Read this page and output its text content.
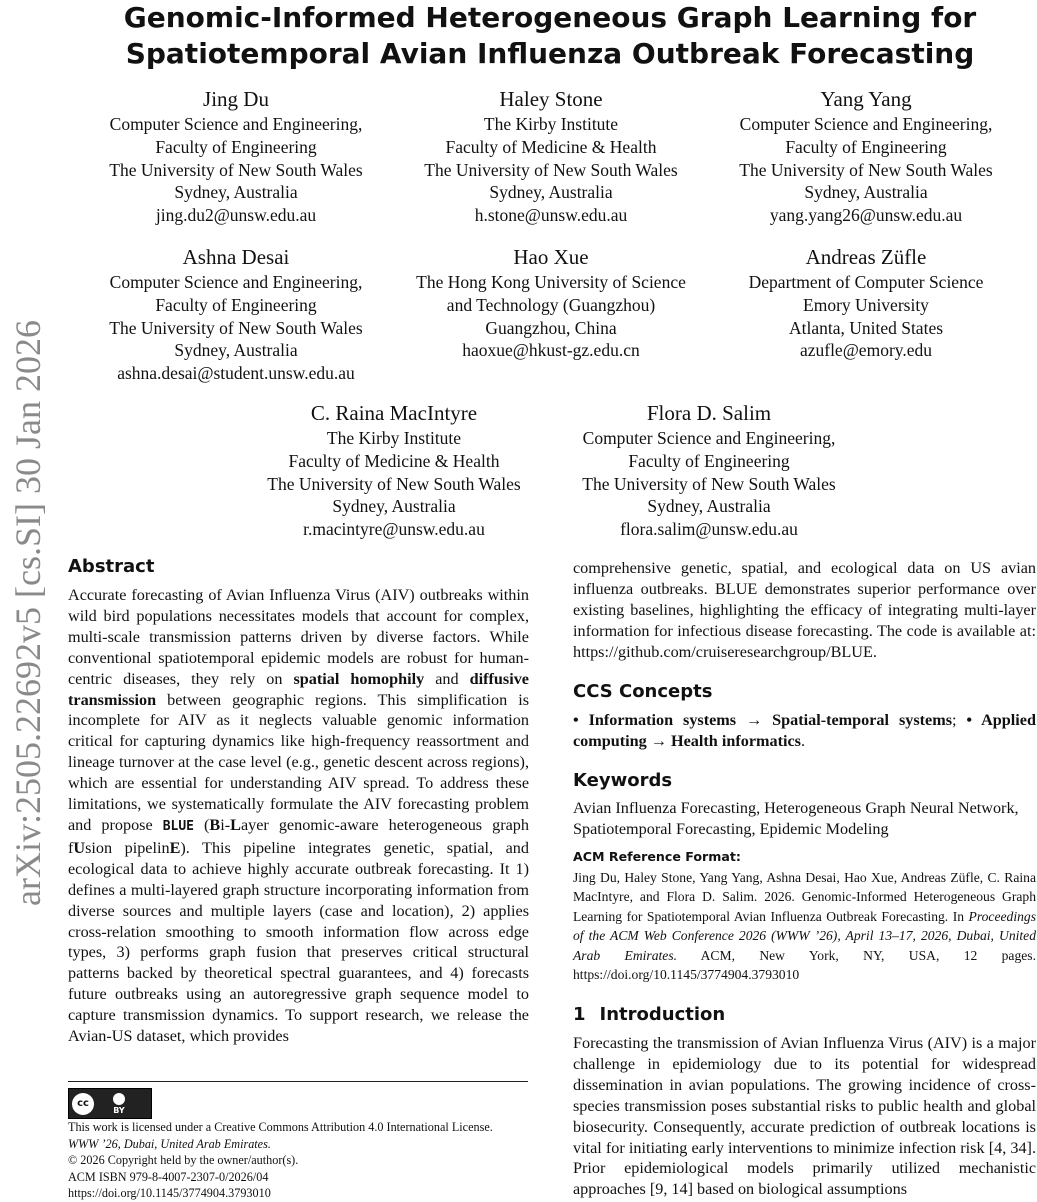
arXiv:2505.22692v5 [cs.SI] 30 Jan 2026
Genomic-Informed Heterogeneous Graph Learning for
Spatiotemporal Avian Influenza Outbreak Forecasting
Jing Du
Computer Science and Engineering,
Faculty of Engineering
The University of New South Wales
Sydney, Australia
jing.du2@unsw.edu.au
Haley Stone
The Kirby Institute
Faculty of Medicine & Health
The University of New South Wales
Sydney, Australia
h.stone@unsw.edu.au
Yang Yang
Computer Science and Engineering,
Faculty of Engineering
The University of New South Wales
Sydney, Australia
yang.yang26@unsw.edu.au
Ashna Desai
Computer Science and Engineering,
Faculty of Engineering
The University of New South Wales
Sydney, Australia
ashna.desai@student.unsw.edu.au
Hao Xue
The Hong Kong University of Science
and Technology (Guangzhou)
Guangzhou, China
haoxue@hkust-gz.edu.cn
Andreas Züfle
Department of Computer Science
Emory University
Atlanta, United States
azufle@emory.edu
C. Raina MacIntyre
The Kirby Institute
Faculty of Medicine & Health
The University of New South Wales
Sydney, Australia
r.macintyre@unsw.edu.au
Flora D. Salim
Computer Science and Engineering,
Faculty of Engineering
The University of New South Wales
Sydney, Australia
flora.salim@unsw.edu.au
Abstract
Accurate forecasting of Avian Influenza Virus (AIV) outbreaks within wild bird populations necessitates models that account for complex, multi-scale transmission patterns driven by diverse factors. While conventional spatiotemporal epidemic models are robust for human-centric diseases, they rely on spatial homophily and diffusive transmission between geographic regions. This simplification is incomplete for AIV as it neglects valuable genomic information critical for capturing dynamics like high-frequency reassortment and lineage turnover at the case level (e.g., genetic descent across regions), which are essential for understanding AIV spread. To address these limitations, we systematically formulate the AIV forecasting problem and propose BLUE (Bi-Layer genomic-aware heterogeneous graph fUsion pipelinE). This pipeline integrates genetic, spatial, and ecological data to achieve highly accurate outbreak forecasting. It 1) defines a multi-layered graph structure incorporating information from diverse sources and multiple layers (case and location), 2) applies cross-relation smoothing to smooth information flow across edge types, 3) performs graph fusion that preserves critical structural patterns backed by theoretical spectral guarantees, and 4) forecasts future outbreaks using an autoregressive graph sequence model to capture transmission dynamics. To support research, we release the Avian-US dataset, which provides
cc
BY
This work is licensed under a Creative Commons Attribution 4.0 International License.
WWW ’26, Dubai, United Arab Emirates.
© 2026 Copyright held by the owner/author(s).
ACM ISBN 979-8-4007-2307-0/2026/04
https://doi.org/10.1145/3774904.3793010
comprehensive genetic, spatial, and ecological data on US avian influenza outbreaks. BLUE demonstrates superior performance over existing baselines, highlighting the efficacy of integrating multi-layer information for infectious disease forecasting. The code is available at: https://github.com/cruiseresearchgroup/BLUE.
CCS Concepts
• Information systems → Spatial-temporal systems; • Applied computing → Health informatics.
Keywords
Avian Influenza Forecasting, Heterogeneous Graph Neural Network, Spatiotemporal Forecasting, Epidemic Modeling
ACM Reference Format:
Jing Du, Haley Stone, Yang Yang, Ashna Desai, Hao Xue, Andreas Züfle, C. Raina MacIntyre, and Flora D. Salim. 2026. Genomic-Informed Heterogeneous Graph Learning for Spatiotemporal Avian Influenza Outbreak Forecasting. In Proceedings of the ACM Web Conference 2026 (WWW ’26), April 13–17, 2026, Dubai, United Arab Emirates. ACM, New York, NY, USA, 12 pages. https://doi.org/10.1145/3774904.3793010
1 Introduction
Forecasting the transmission of Avian Influenza Virus (AIV) is a major challenge in epidemiology due to its potential for widespread dissemination in avian populations. The growing incidence of cross-species transmission poses substantial risks to public health and global biosecurity. Consequently, accurate prediction of outbreak locations is vital for initiating early interventions to minimize infection risk [4, 34]. Prior epidemiological models primarily utilized mechanistic approaches [9, 14] based on biological assumptions
